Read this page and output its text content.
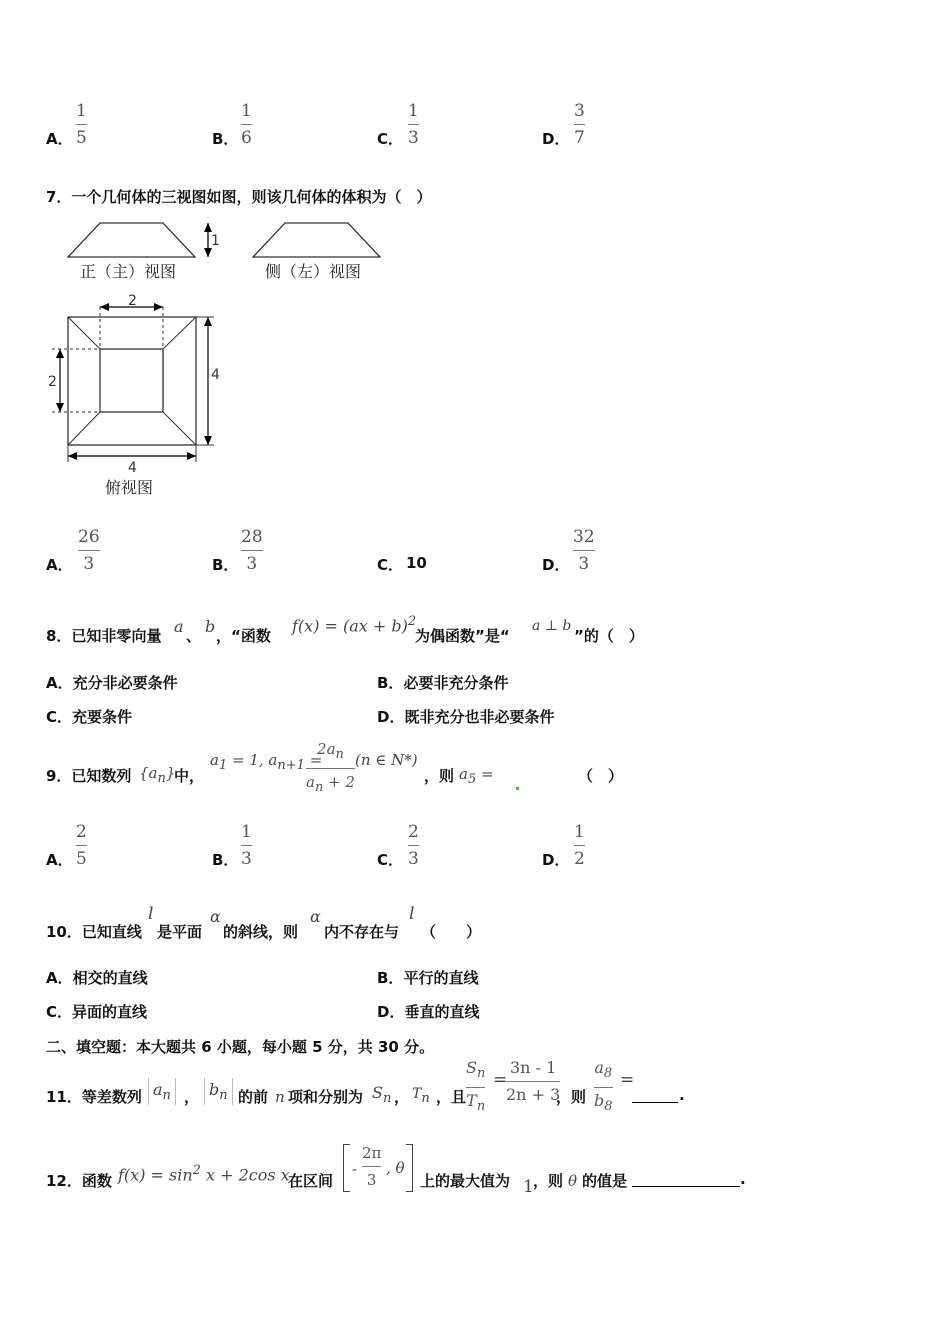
A．
1
5	B．
1
6	C．
1
3	D．
3
7
7．一个几何体的三视图如图，则该几何体的体积为（　）
1
正（主）视图	侧（左）视图
2
2	4
4
俯视图
A．
26
3	B．
28
3	C． 10	D．
32
3
8．已知非零向量 a 、 b ，“函数
f(x) = (ax + b)$^2$
为偶函数”是“
a ⊥ b
”的（　）
A．充分非必要条件	B．必要非充分条件
C．充要条件	D．既非充分也非必要条件
9．已知数列 $\{a_n\}$
中，
$a_1 = 1$, $a_{n+1}$ =
$2a_n$
$a_n + 2$
(n ∈ N*)
，则 $a_5$ =	（　）
A．
2
5	B．
1
3	C．
2
3	D．
1
2
10．已知直线
l
是平面
α
的斜线，则
α
内不存在与
l
（　　）
A．相交的直线	B．平行的直线
C．异面的直线	D．垂直的直线
二、填空题：本大题共 6 小题，每小题 5 分，共 30 分。
11．等差数列 $a_n$ ， $b_n$ 的前 n 项和分别为 $S_n$ ， $T_n$ ，且
$S_n$
$T_n$
=
3n - 1
2n + 3
，则
$a_8$
$b_8$
=
.
12．函数 $f(x) = \sin^2 x + 2\cos$ x
在区间
-
2π
3
, θ
上的最大值为 1 ，则 θ 的值是	.
